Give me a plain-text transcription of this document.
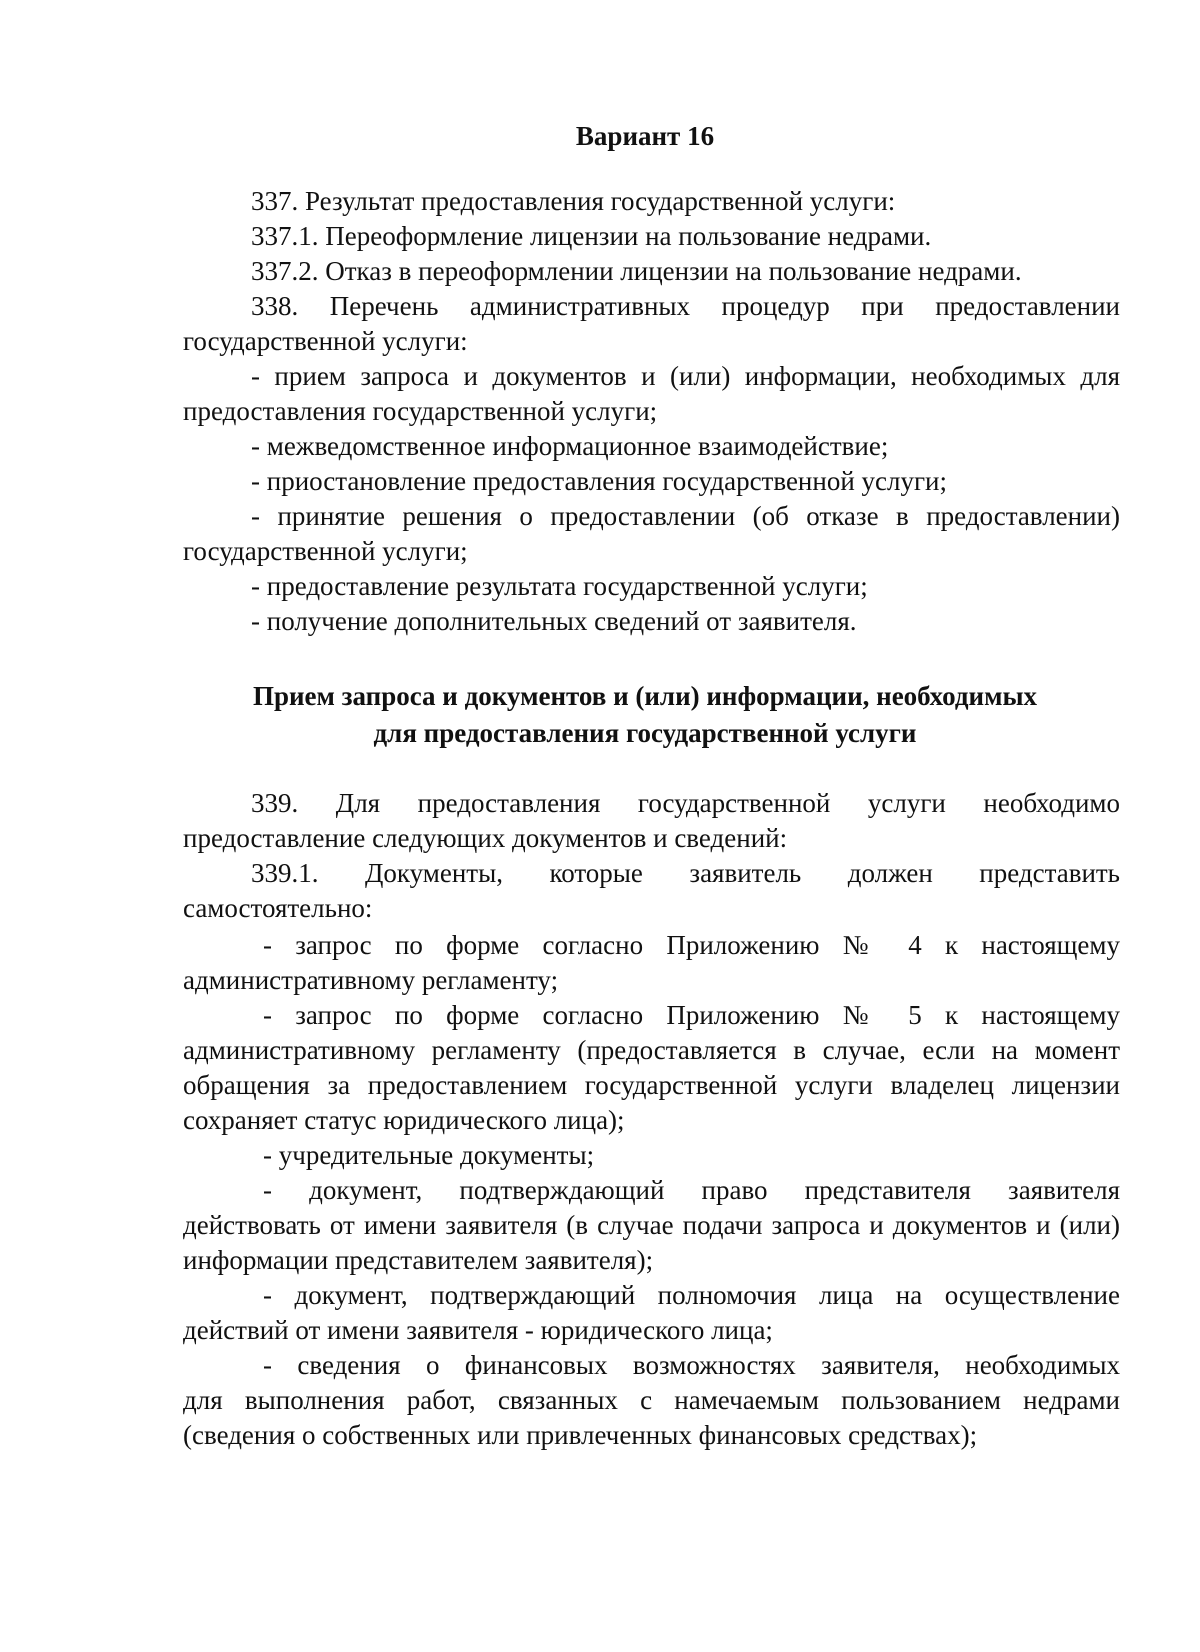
Вариант 16
337. Результат предоставления государственной услуги:
337.1. Переоформление лицензии на пользование недрами.
337.2. Отказ в переоформлении лицензии на пользование недрами.
338. Перечень административных процедур при предоставлении
государственной услуги:
- прием запроса и документов и (или) информации, необходимых для
предоставления государственной услуги;
- межведомственное информационное взаимодействие;
- приостановление предоставления государственной услуги;
- принятие решения о предоставлении (об отказе в предоставлении)
государственной услуги;
- предоставление результата государственной услуги;
- получение дополнительных сведений от заявителя.
Прием запроса и документов и (или) информации, необходимых
для предоставления государственной услуги
339. Для предоставления государственной услуги необходимо
предоставление следующих документов и сведений:
339.1. Документы, которые заявитель должен представить
самостоятельно:
- запрос по форме согласно Приложению № 4 к настоящему
административному регламенту;
- запрос по форме согласно Приложению № 5 к настоящему
административному регламенту (предоставляется в случае, если на момент
обращения за предоставлением государственной услуги владелец лицензии
сохраняет статус юридического лица);
- учредительные документы;
- документ, подтверждающий право представителя заявителя
действовать от имени заявителя (в случае подачи запроса и документов и (или)
информации представителем заявителя);
- документ, подтверждающий полномочия лица на осуществление
действий от имени заявителя - юридического лица;
- сведения о финансовых возможностях заявителя, необходимых
для выполнения работ, связанных с намечаемым пользованием недрами
(сведения о собственных или привлеченных финансовых средствах);
